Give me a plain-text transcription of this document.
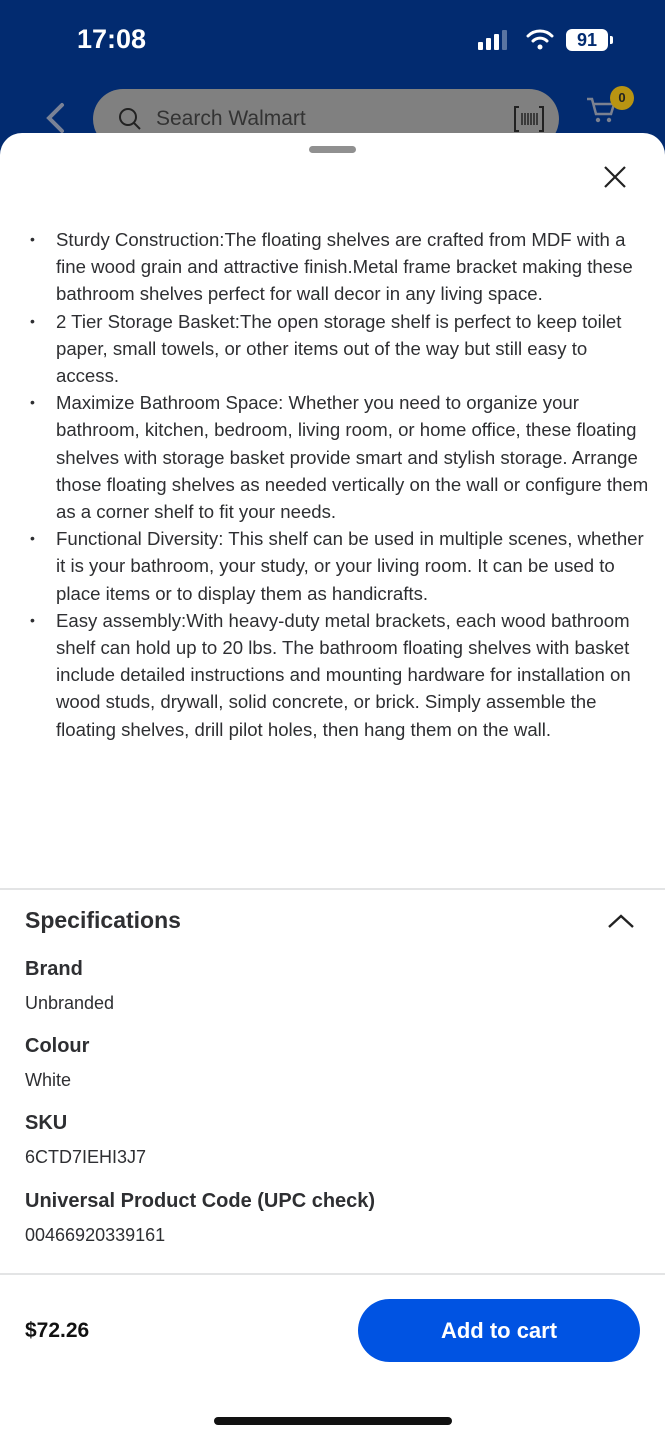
17:08	91
Search Walmart
0
• Sturdy Construction:The floating shelves are crafted from MDF with a fine wood grain and attractive finish.Metal frame bracket making these bathroom shelves perfect for wall decor in any living space.
• 2 Tier Storage Basket:The open storage shelf is perfect to keep toilet paper, small towels, or other items out of the way but still easy to access.
• Maximize Bathroom Space: Whether you need to organize your bathroom, kitchen, bedroom, living room, or home office, these floating shelves with storage basket provide smart and stylish storage. Arrange those floating shelves as needed vertically on the wall or configure them as a corner shelf to fit your needs.
• Functional Diversity: This shelf can be used in multiple scenes, whether it is your bathroom, your study, or your living room. It can be used to place items or to display them as handicrafts.
• Easy assembly:With heavy-duty metal brackets, each wood bathroom shelf can hold up to 20 lbs. The bathroom floating shelves with basket include detailed instructions and mounting hardware for installation on wood studs, drywall, solid concrete, or brick. Simply assemble the floating shelves, drill pilot holes, then hang them on the wall.
Specifications
Brand
Unbranded
Colour
White
SKU
6CTD7IEHI3J7
Universal Product Code (UPC check)
00466920339161
$72.26	Add to cart
